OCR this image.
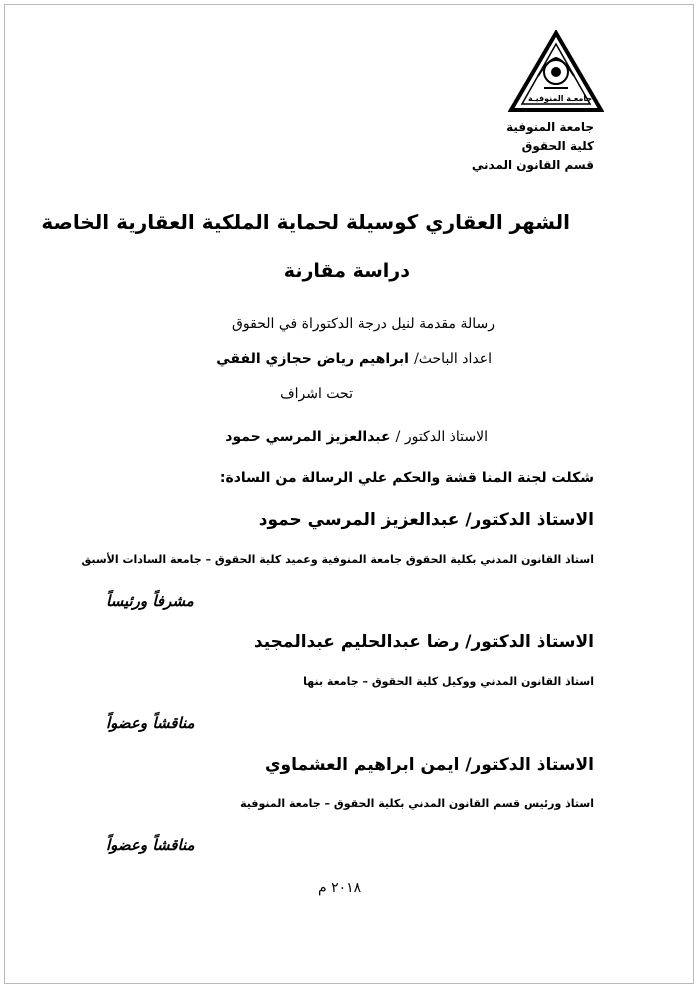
جامعـة المنوفيـة
جامعة المنوفية
كلية الحقوق
قسم القانون المدني
الشهر العقاري كوسيلة لحماية الملكية العقارية الخاصة
دراسة مقارنة
رسالة مقدمة لنيل درجة الدكتوراة في الحقوق
اعداد الباحث/ ابراهيم رياض حجازي الفقي
تحت اشراف
الاستاذ الدكتور / عبدالعزيز المرسي حمود
شكلت لجنة المنا قشة والحكم علي الرسالة من السادة:
الاستاذ الدكتور/ عبدالعزيز المرسي حمود
استاذ القانون المدني بكلية الحقوق جامعة المنوفية وعميد كلية الحقوق – جامعة السادات الأسبق
مشرفاً ورئيساً
الاستاذ الدكتور/ رضا عبدالحليم عبدالمجيد
استاذ القانون المدني ووكيل كلية الحقوق – جامعة بنها
مناقشاً وعضواً
الاستاذ الدكتور/ ايمن ابراهيم العشماوي
استاذ ورئيس قسم القانون المدني بكلية الحقوق – جامعة المنوفية
مناقشاً وعضواً
٢٠١٨ م
